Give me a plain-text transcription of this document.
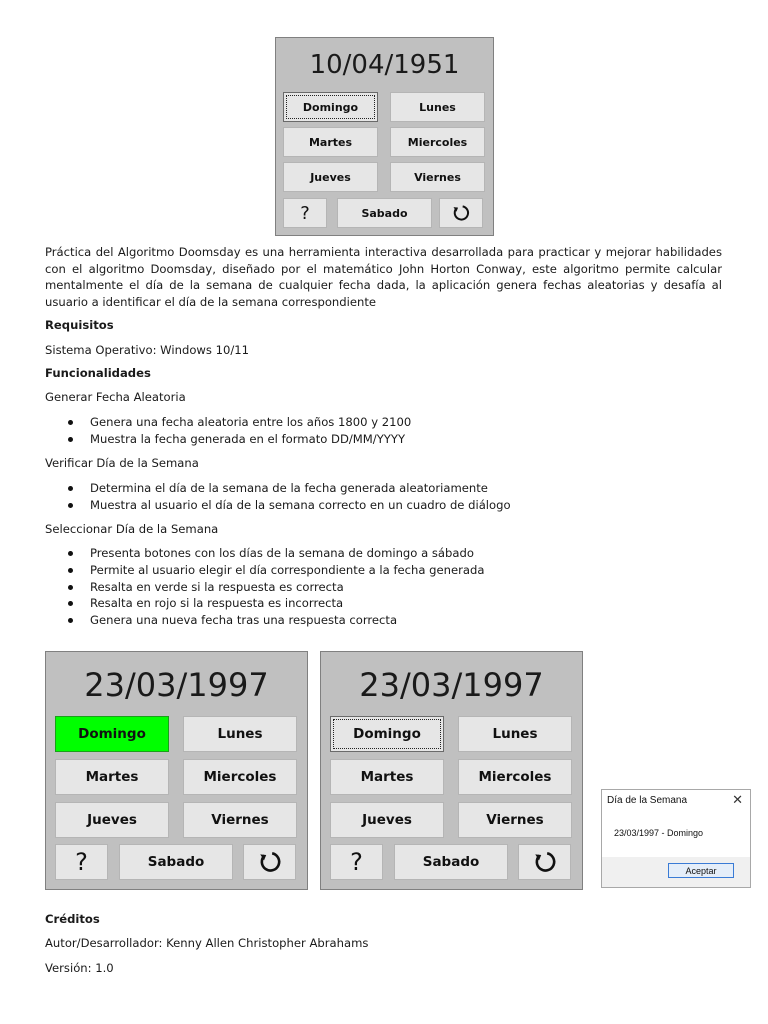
10/04/1951
Domingo	Lunes
Martes	Miercoles
Jueves	Viernes
?	Sabado

Práctica del Algoritmo Doomsday es una herramienta interactiva desarrollada para practicar y mejorar habilidades con el algoritmo Doomsday, diseñado por el matemático John Horton Conway, este algoritmo permite calcular mentalmente el día de la semana de cualquier fecha dada, la aplicación genera fechas aleatorias y desafía al usuario a identificar el día de la semana correspondiente

Requisitos

Sistema Operativo: Windows 10/11

Funcionalidades

Generar Fecha Aleatoria

Genera una fecha aleatoria entre los años 1800 y 2100
Muestra la fecha generada en el formato DD/MM/YYYY

Verificar Día de la Semana

Determina el día de la semana de la fecha generada aleatoriamente
Muestra al usuario el día de la semana correcto en un cuadro de diálogo

Seleccionar Día de la Semana

Presenta botones con los días de la semana de domingo a sábado
Permite al usuario elegir el día correspondiente a la fecha generada
Resalta en verde si la respuesta es correcta
Resalta en rojo si la respuesta es incorrecta
Genera una nueva fecha tras una respuesta correcta
23/03/1997
Domingo	Lunes
Martes	Miercoles
Jueves	Viernes
?	Sabado
23/03/1997
Domingo	Lunes
Martes	Miercoles
Jueves	Viernes
?	Sabado
Día de la Semana	✕
23/03/1997 - Domingo
Aceptar

Créditos

Autor/Desarrollador: Kenny Allen Christopher Abrahams

Versión: 1.0
